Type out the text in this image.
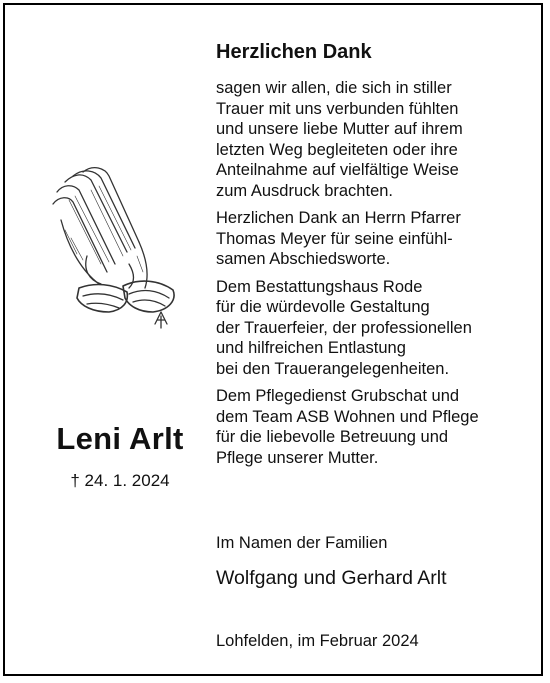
Leni Arlt
† 24. 1. 2024
Herzlichen Dank
sagen wir allen, die sich in stiller
Trauer mit uns verbunden fühlten
und unsere liebe Mutter auf ihrem
letzten Weg begleiteten oder ihre
Anteilnahme auf vielfältige Weise
zum Ausdruck brachten.
Herzlichen Dank an Herrn Pfarrer
Thomas Meyer für seine einfühl-
samen Abschiedsworte.
Dem Bestattungshaus Rode
für die würdevolle Gestaltung
der Trauerfeier, der professionellen
und hilfreichen Entlastung
bei den Trauerangelegenheiten.
Dem Pflegedienst Grubschat und
dem Team ASB Wohnen und Pflege
für die liebevolle Betreuung und
Pflege unserer Mutter.
Im Namen der Familien
Wolfgang und Gerhard Arlt
Lohfelden, im Februar 2024
